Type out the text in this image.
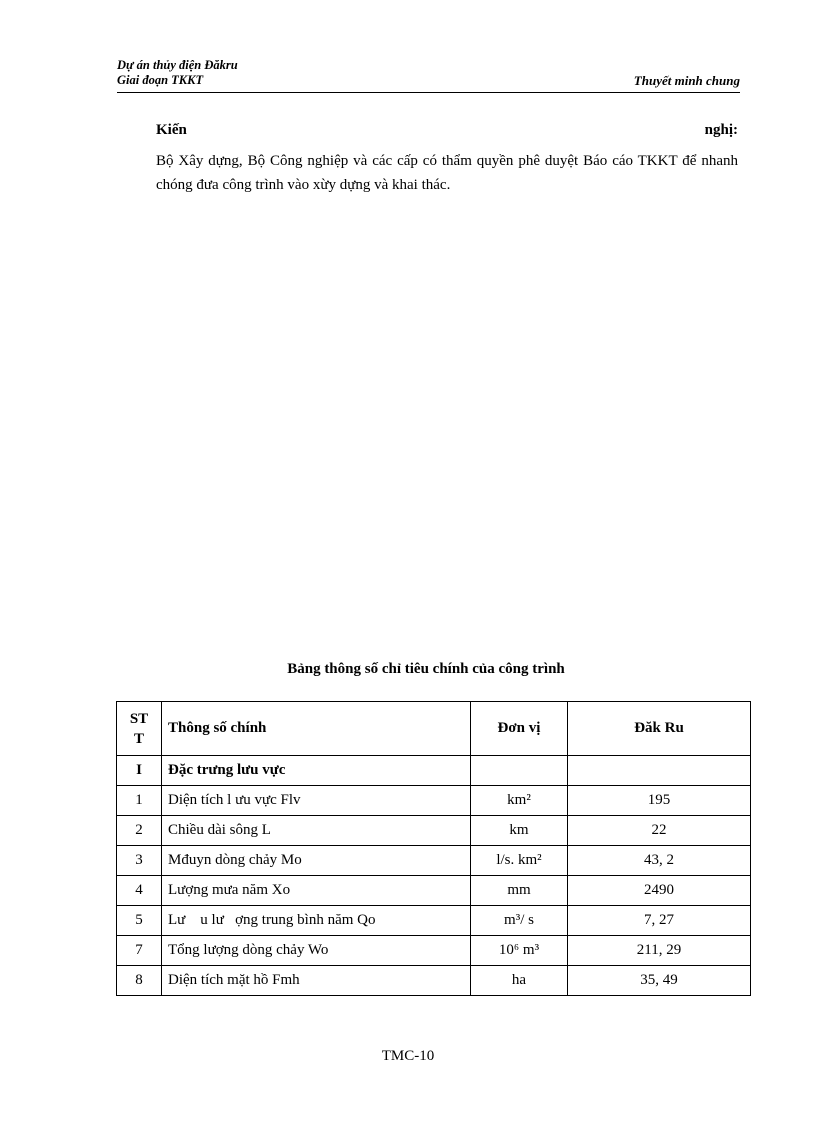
Dự án thủy điện Đăkru
Giai đoạn TKKT	Thuyết minh chung
Kiến	nghị:
Bộ Xây dựng, Bộ Công nghiệp và các cấp có thẩm quyền phê duyệt Báo cáo TKKT để nhanh chóng đưa công trình vào xừy dựng và khai thác.
Bảng thông số chỉ tiêu chính của công trình
ST T	Thông số chính	Đơn vị	Đăk Ru
I	Đặc trưng lưu vực		
1	Diện tích l ưu vực Flv	km²	195
2	Chiều dài sông L	km	22
3	Mđuyn dòng chảy Mo	l/s. km²	43, 2
4	Lượng mưa năm Xo	mm	2490
5	Lư    u lư   ợng trung bình năm Qo	m³/ s	7, 27
7	Tổng lượng dòng chảy Wo	10⁶ m³	211, 29
8	Diện tích mặt hồ Fmh	ha	35, 49
TMC-10
